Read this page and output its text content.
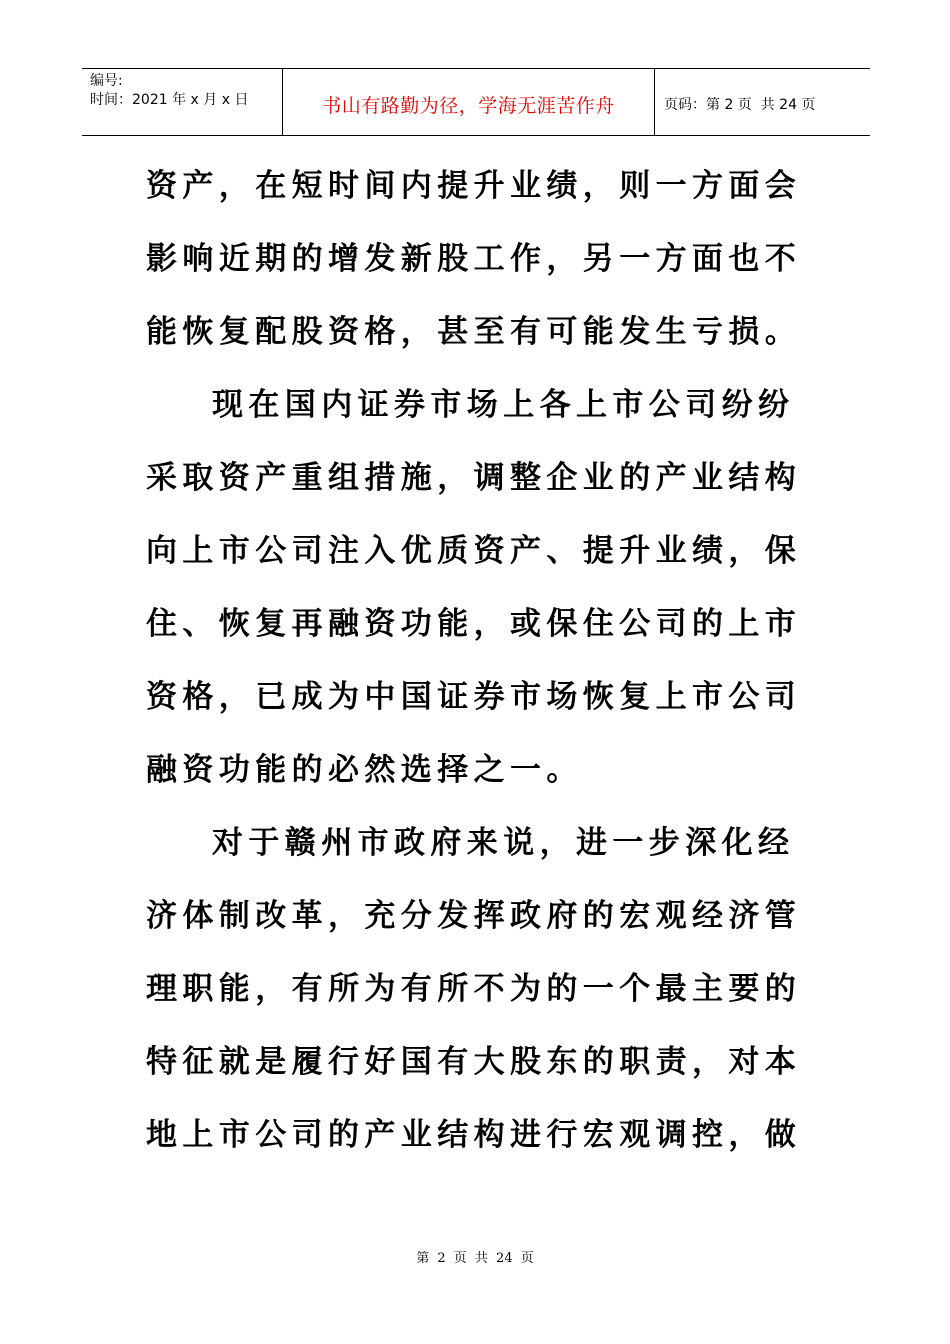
编号:
时间：2021 年 x 月 x 日	书山有路勤为径，学海无涯苦作舟	页码：第 2 页  共 24 页
资产，在短时间内提升业绩，则一方面会
影响近期的增发新股工作，另一方面也不
能恢复配股资格，甚至有可能发生亏损。
现在国内证券市场上各上市公司纷纷
采取资产重组措施，调整企业的产业结构
向上市公司注入优质资产、提升业绩，保
住、恢复再融资功能，或保住公司的上市
资格，已成为中国证券市场恢复上市公司
融资功能的必然选择之一。
对于赣州市政府来说，进一步深化经
济体制改革，充分发挥政府的宏观经济管
理职能，有所为有所不为的一个最主要的
特征就是履行好国有大股东的职责，对本
地上市公司的产业结构进行宏观调控，做
第 2 页 共 24 页
